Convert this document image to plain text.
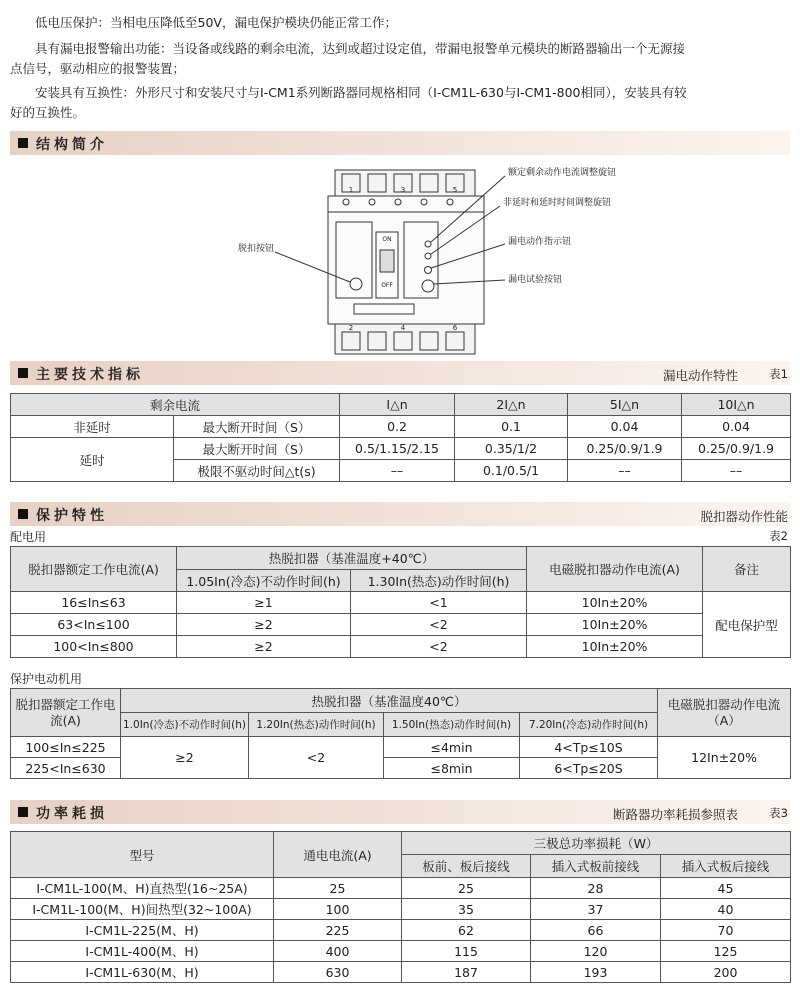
低电压保护：当相电压降低至50V，漏电保护模块仍能正常工作；
具有漏电报警输出功能：当设备或线路的剩余电流，达到或超过设定值，带漏电报警单元模块的断路器输出一个无源接
点信号，驱动相应的报警装置；
安装具有互换性：外形尺寸和安装尺寸与I-CM1系列断路器同规格相同（I-CM1L-630与I-CM1-800相同），安装具有较
好的互换性。
结构简介
1	3	5
2	4	6
ON
OFF
脱扣按钮
额定剩余动作电流调整旋钮
非延时和延时时间调整旋钮
漏电动作指示钮
漏电试验按钮
主要技术指标	漏电动作特性	表1
剩余电流		I△n	2I△n	5I△n	10I△n
非延时	最大断开时间（S）	0.2	0.1	0.04	0.04
延时	最大断开时间（S）	0.5/1.15/2.15	0.35/1/2	0.25/0.9/1.9	0.25/0.9/1.9
	极限不驱动时间△t(s)	––	0.1/0.5/1	––	––
保护特性	脱扣器动作性能
配电用	表2
脱扣器额定工作电流(A)	热脱扣器（基准温度+40℃）		电磁脱扣器动作电流(A)	备注
	1.05In(冷态)不动作时间(h)	1.30In(热态)动作时间(h)		
16≤In≤63	≥1	<1	10In±20%	配电保护型
63<In≤100	≥2	<2	10In±20%	
100<In≤800	≥2	<2	10In±20%	
保护电动机用
脱扣器额定工作电流(A)	热脱扣器（基准温度40℃）				电磁脱扣器动作电流（A）
	1.0In(冷态)不动作时间(h)	1.20In(热态)动作时间(h)	1.50In(热态)动作时间(h)	7.20In(冷态)动作时间(h)	
100≤In≤225	≥2	<2	≤4min	4<Tp≤10S	12In±20%
225<In≤630			≤8min	6<Tp≤20S	
功率耗损	断路器功率耗损参照表	表3
型号	通电电流(A)	三极总功率损耗（W）		
		板前、板后接线	插入式板前接线	插入式板后接线
I-CM1L-100(M、H)直热型(16~25A)	25	25	28	45
I-CM1L-100(M、H)间热型(32~100A)	100	35	37	40
I-CM1L-225(M、H)	225	62	66	70
I-CM1L-400(M、H)	400	115	120	125
I-CM1L-630(M、H)	630	187	193	200
